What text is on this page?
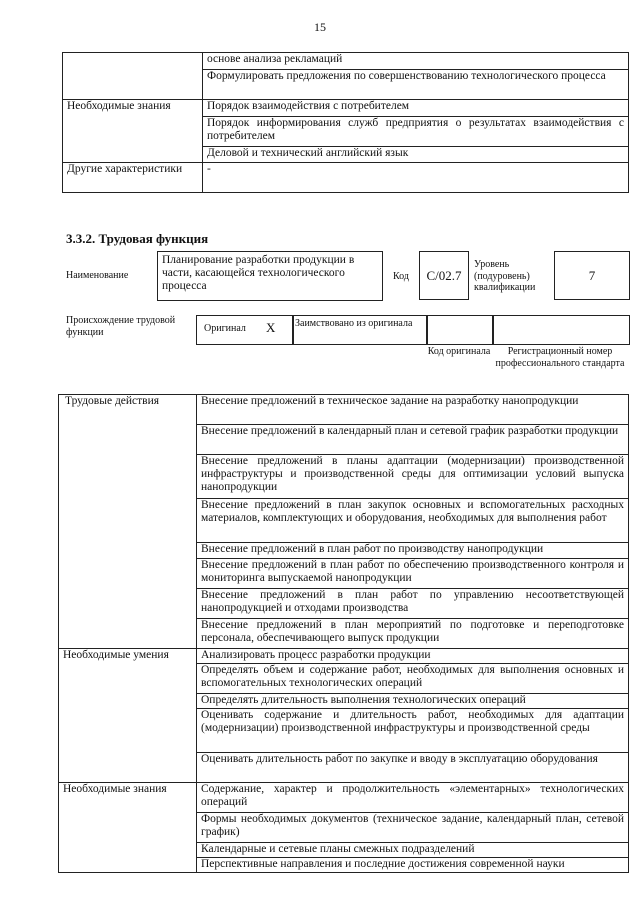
15
	основе анализа рекламаций
	Формулировать предложения по совершенствованию технологического процесса
Необходимые знания	Порядок взаимодействия с потребителем
	Порядок информирования служб предприятия о результатах взаимодействия с потребителем
	Деловой и технический английский язык
Другие характеристики	-
3.3.2. Трудовая функция
Наименование
Планирование разработки продукции в части, касающейся технологического процесса
Код	С/02.7
Уровень (подуровень) квалификации
7
Происхождение трудовой функции	Оригинал X Заимствовано из оригинала
Код оригинала	Регистрационный номер профессионального стандарта
Трудовые действия	Внесение предложений в техническое задание на разработку нанопродукции
	Внесение предложений в календарный план и сетевой график разработки продукции
	Внесение предложений в планы адаптации (модернизации) производственной инфраструктуры и производственной среды для оптимизации условий выпуска нанопродукции
	Внесение предложений в план закупок основных и вспомогательных расходных материалов, комплектующих и оборудования, необходимых для выполнения работ
	Внесение предложений в план работ по производству нанопродукции
	Внесение предложений в план работ по обеспечению производственного контроля и мониторинга выпускаемой нанопродукции
	Внесение предложений в план работ по управлению несоответствующей нанопродукцией и отходами производства
	Внесение предложений в план мероприятий по подготовке и переподготовке персонала, обеспечивающего выпуск продукции
Необходимые умения	Анализировать процесс разработки продукции
	Определять объем и содержание работ, необходимых для выполнения основных и вспомогательных технологических операций
	Определять длительность выполнения технологических операций
	Оценивать содержание и длительность работ, необходимых для адаптации (модернизации) производственной инфраструктуры и производственной среды
	Оценивать длительность работ по закупке и вводу в эксплуатацию оборудования
Необходимые знания	Содержание, характер и продолжительность «элементарных» технологических операций
	Формы необходимых документов (техническое задание, календарный план, сетевой график)
	Календарные и сетевые планы смежных подразделений
	Перспективные направления и последние достижения современной науки
